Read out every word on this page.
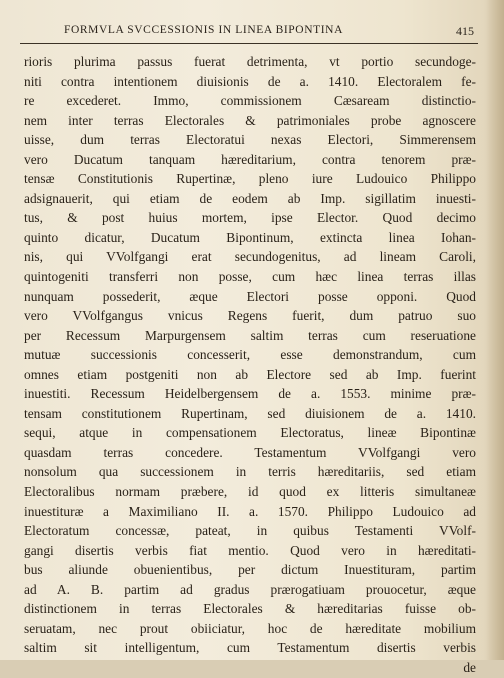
FORMVLA SVCCESSIONIS IN LINEA BIPONTINA	415
rioris plurima passus fuerat detrimenta, vt portio secundoge-
niti contra intentionem diuisionis de a. 1410. Electoralem fe-
re excederet. Immo, commissionem Cæsaream distinctio-
nem inter terras Electorales & patrimoniales probe agnoscere
uisse, dum terras Electoratui nexas Electori, Simmerensem
vero Ducatum tanquam hæreditarium, contra tenorem præ-
tensæ Constitutionis Rupertinæ, pleno iure Ludouico Philippo
adsignauerit, qui etiam de eodem ab Imp. sigillatim inuesti-
tus, & post huius mortem, ipse Elector. Quod decimo
quinto dicatur, Ducatum Bipontinum, extincta linea Iohan-
nis, qui VVolfgangi erat secundogenitus, ad lineam Caroli,
quintogeniti transferri non posse, cum hæc linea terras illas
nunquam possederit, æque Electori posse opponi. Quod
vero VVolfgangus vnicus Regens fuerit, dum patruo suo
per Recessum Marpurgensem saltim terras cum reseruatione
mutuæ successionis concesserit, esse demonstrandum, cum
omnes etiam postgeniti non ab Electore sed ab Imp. fuerint
inuestiti. Recessum Heidelbergensem de a. 1553. minime præ-
tensam constitutionem Rupertinam, sed diuisionem de a. 1410.
sequi, atque in compensationem Electoratus, lineæ Bipontinæ
quasdam terras concedere. Testamentum VVolfgangi vero
nonsolum qua successionem in terris hæreditariis, sed etiam
Electoralibus normam præbere, id quod ex litteris simultaneæ
inuestituræ a Maximiliano II. a. 1570. Philippo Ludouico ad
Electoratum concessæ, pateat, in quibus Testamenti VVolf-
gangi disertis verbis fiat mentio. Quod vero in hæreditati-
bus aliunde obuenientibus, per dictum Inuestituram, partim
ad A. B. partim ad gradus prærogatiuam prouocetur, æque
distinctionem in terras Electorales & hæreditarias fuisse ob-
seruatam, nec prout obiiciatur, hoc de hæreditate mobilium
saltim sit intelligentum, cum Testamentum disertis verbis
de
